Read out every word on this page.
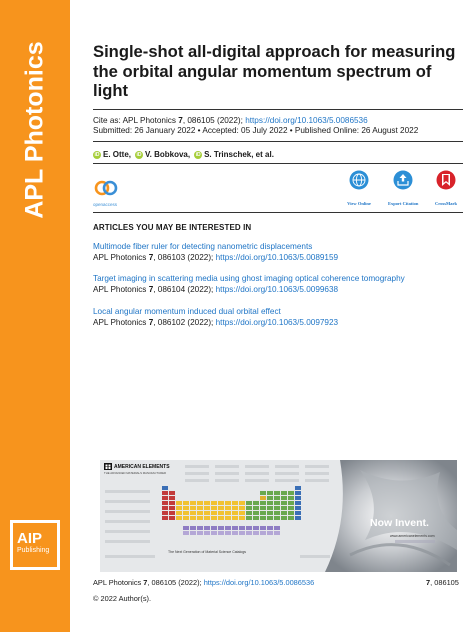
APL Photonics
AIP
Publishing
Single-shot all-digital approach for measuring the orbital angular momentum spectrum of light
Cite as: APL Photonics 7, 086105 (2022); https://doi.org/10.1063/5.0086536
Submitted: 26 January 2022 • Accepted: 05 July 2022 • Published Online: 26 August 2022
iD E. Otte ,	iD V. Bobkova ,	iD S. Trinschek , et al.
openaccess	View Online	Export Citation	CrossMark
ARTICLES YOU MAY BE INTERESTED IN
Multimode fiber ruler for detecting nanometric displacements
APL Photonics 7, 086103 (2022); https://doi.org/10.1063/5.0089159
Target imaging in scattering media using ghost imaging optical coherence tomography
APL Photonics 7, 086104 (2022); https://doi.org/10.1063/5.0099638
Local angular momentum induced dual orbital effect
APL Photonics 7, 086102 (2022); https://doi.org/10.1063/5.0097923
AMERICAN ELEMENTS
THE ADVANCED MATERIALS MANUFACTURER
The Next Generation of Material Science Catalogs
Now Invent.
www.americanelements.com
APL Photonics 7, 086105 (2022); https://doi.org/10.1063/5.0086536	7, 086105
© 2022 Author(s).
